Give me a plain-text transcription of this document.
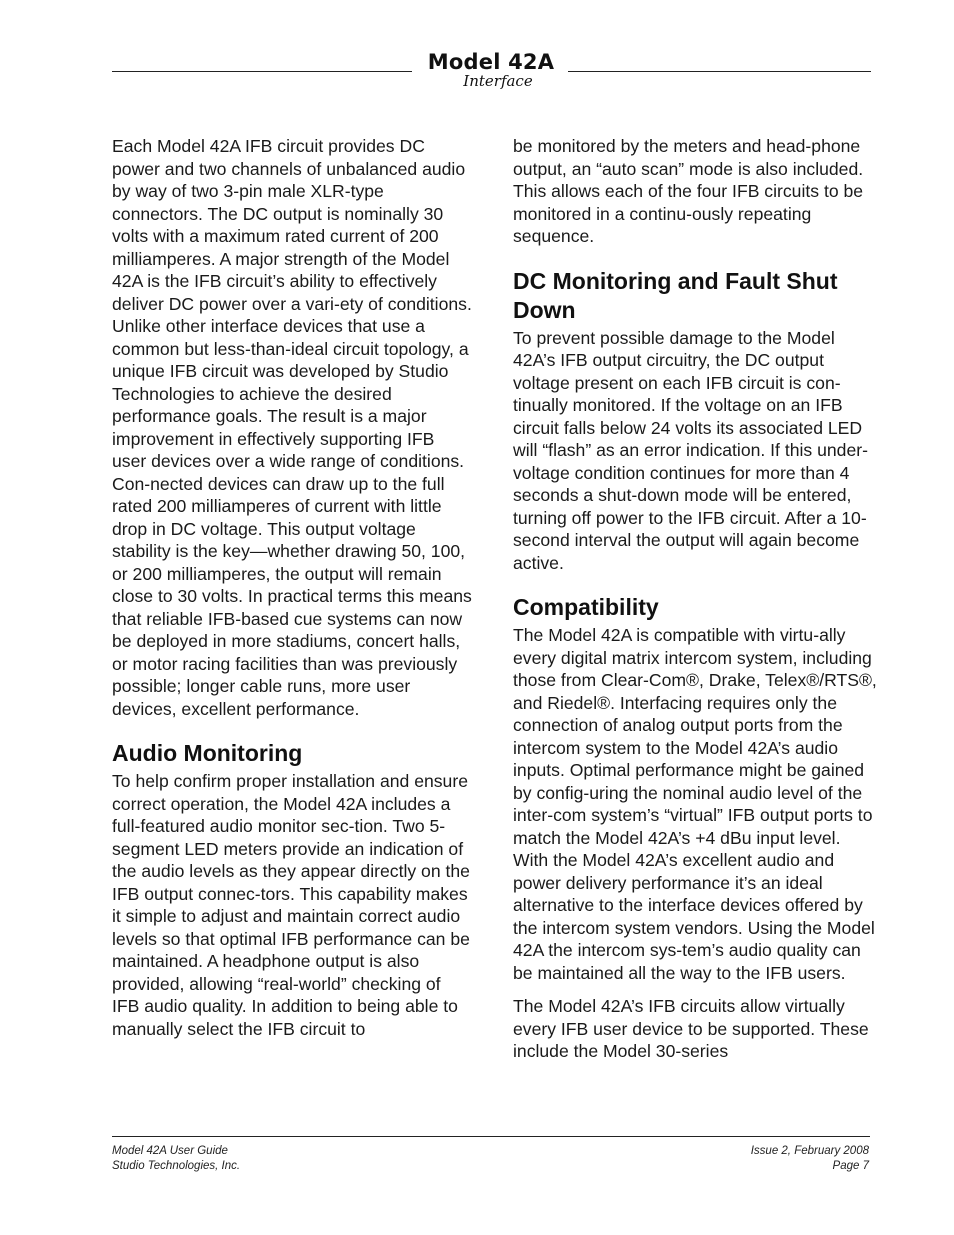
Model 42A
Interface

Each Model 42A IFB circuit provides DC power and two channels of unbalanced audio by way of two 3-pin male XLR-type connectors. The DC output is nominally 30 volts with a maximum rated current of 200 milliamperes. A major strength of the Model 42A is the IFB circuit’s ability to effectively deliver DC power over a vari-ety of conditions. Unlike other interface devices that use a common but less-than-ideal circuit topology, a unique IFB circuit was developed by Studio Technologies to achieve the desired performance goals. The result is a major improvement in effectively supporting IFB user devices over a wide range of conditions. Con-nected devices can draw up to the full rated 200 milliamperes of current with little drop in DC voltage. This output voltage stability is the key—whether drawing 50, 100, or 200 milliamperes, the output will remain close to 30 volts. In practical terms this means that reliable IFB-based cue systems can now be deployed in more stadiums, concert halls, or motor racing facilities than was previously possible; longer cable runs, more user devices, excellent performance.

Audio Monitoring

To help confirm proper installation and ensure correct operation, the Model 42A includes a full-featured audio monitor sec-tion. Two 5-segment LED meters provide an indication of the audio levels as they appear directly on the IFB output connec-tors. This capability makes it simple to adjust and maintain correct audio levels so that optimal IFB performance can be maintained. A headphone output is also provided, allowing “real-world” checking of IFB audio quality. In addition to being able to manually select the IFB circuit to

be monitored by the meters and head-phone output, an “auto scan” mode is also included. This allows each of the four IFB circuits to be monitored in a continu-ously repeating sequence.

DC Monitoring and Fault Shut Down

To prevent possible damage to the Model 42A’s IFB output circuitry, the DC output voltage present on each IFB circuit is con-tinually monitored. If the voltage on an IFB circuit falls below 24 volts its associated LED will “flash” as an error indication. If this under-voltage condition continues for more than 4 seconds a shut-down mode will be entered, turning off power to the IFB circuit. After a 10-second interval the output will again become active.

Compatibility

The Model 42A is compatible with virtu-ally every digital matrix intercom system, including those from Clear-Com®, Drake, Telex®/RTS®, and Riedel®. Interfacing requires only the connection of analog output ports from the intercom system to the Model 42A’s audio inputs. Optimal performance might be gained by config-uring the nominal audio level of the inter-com system’s “virtual” IFB output ports to match the Model 42A’s +4 dBu input level. With the Model 42A’s excellent audio and power delivery performance it’s an ideal alternative to the interface devices offered by the intercom system vendors. Using the Model 42A the intercom sys-tem’s audio quality can be maintained all the way to the IFB users.

The Model 42A’s IFB circuits allow virtually every IFB user device to be supported. These include the Model 30-series

Model 42A User Guide
Studio Technologies, Inc.
Issue 2, February 2008
Page 7
